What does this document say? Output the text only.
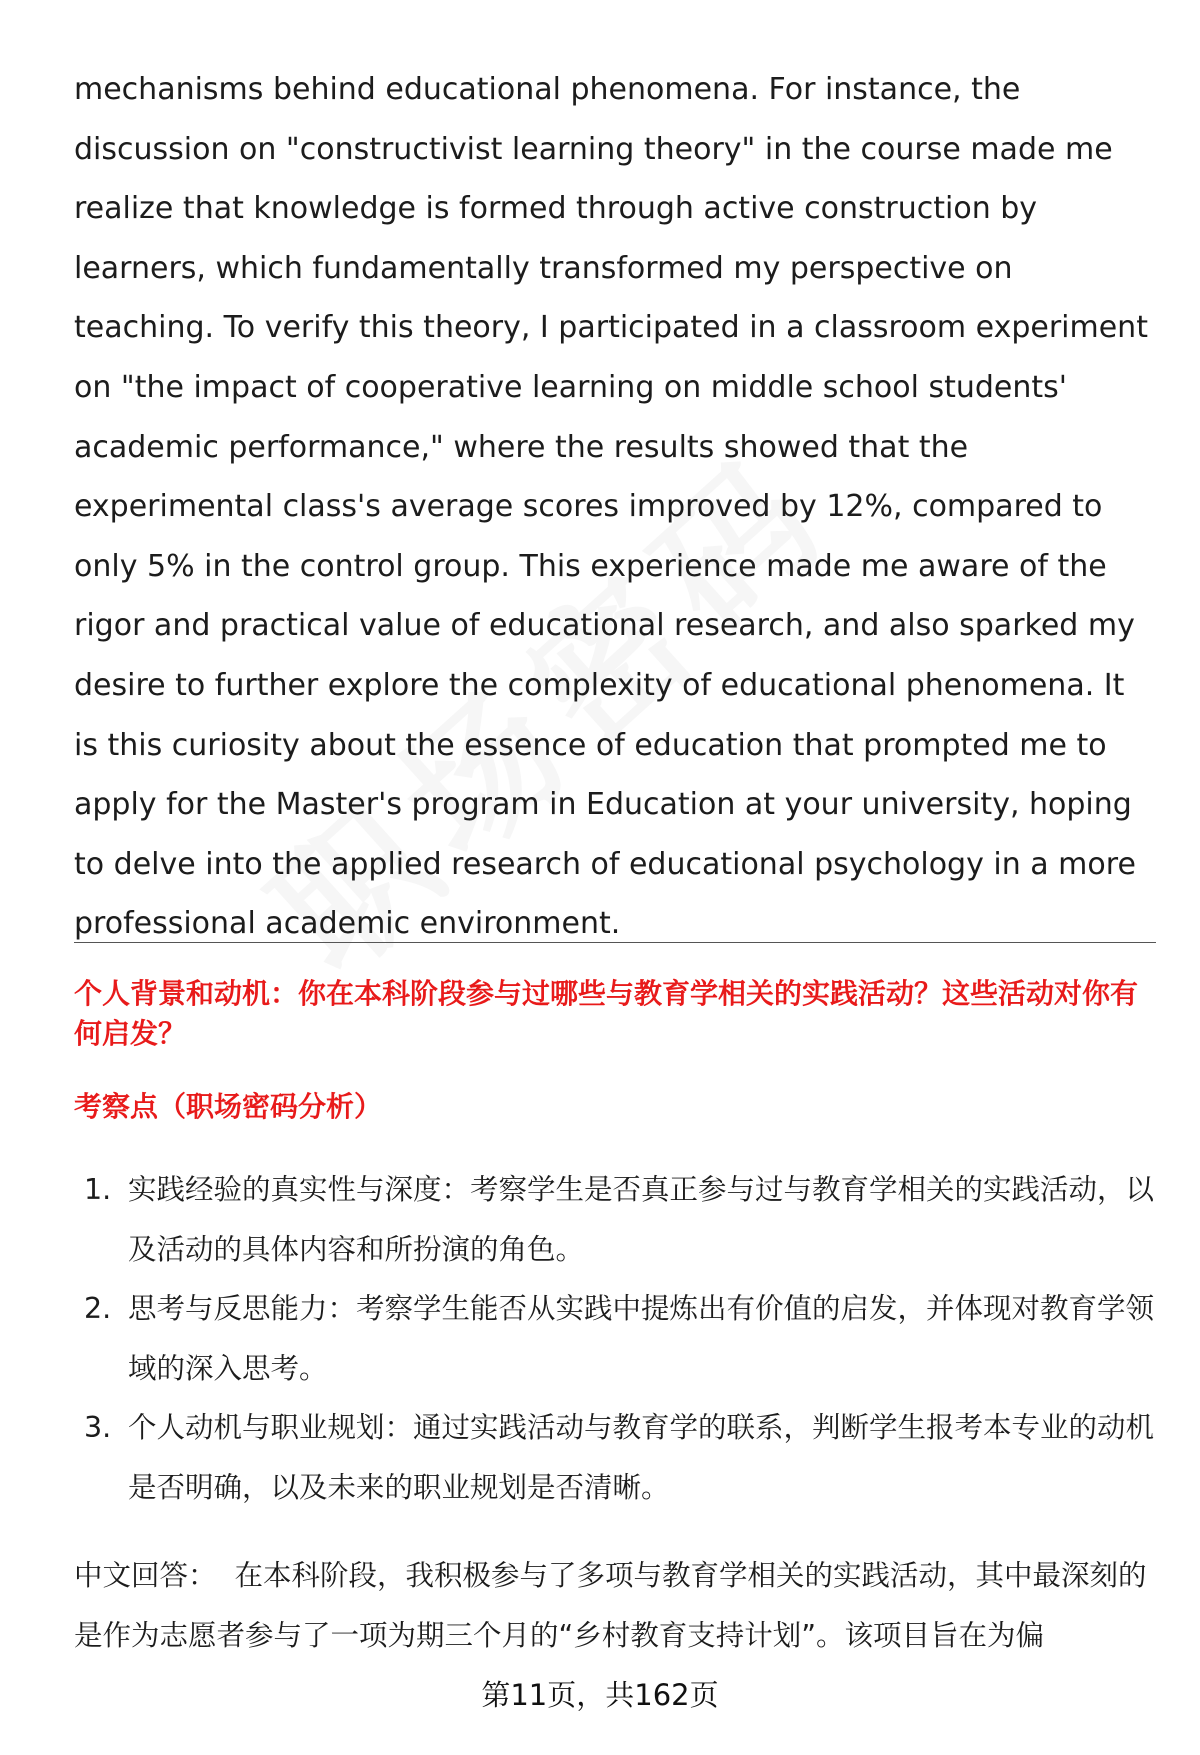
mechanisms behind educational phenomena. For instance, the discussion on "constructivist learning theory" in the course made me realize that knowledge is formed through active construction by learners, which fundamentally transformed my perspective on teaching. To verify this theory, I participated in a classroom experiment on "the impact of cooperative learning on middle school students' academic performance," where the results showed that the experimental class's average scores improved by 12%, compared to only 5% in the control group. This experience made me aware of the rigor and practical value of educational research, and also sparked my desire to further explore the complexity of educational phenomena. It is this curiosity about the essence of education that prompted me to apply for the Master's program in Education at your university, hoping to delve into the applied research of educational psychology in a more professional academic environment.

个人背景和动机：你在本科阶段参与过哪些与教育学相关的实践活动？这些活动对你有何启发？

考察点（职场密码分析）

1. 实践经验的真实性与深度：考察学生是否真正参与过与教育学相关的实践活动，以及活动的具体内容和所扮演的角色。
2. 思考与反思能力：考察学生能否从实践中提炼出有价值的启发，并体现对教育学领域的深入思考。
3. 个人动机与职业规划：通过实践活动与教育学的联系，判断学生报考本专业的动机是否明确，以及未来的职业规划是否清晰。

中文回答： 在本科阶段，我积极参与了多项与教育学相关的实践活动，其中最深刻的是作为志愿者参与了一项为期三个月的“乡村教育支持计划”。该项目旨在为偏

第11页，共162页
